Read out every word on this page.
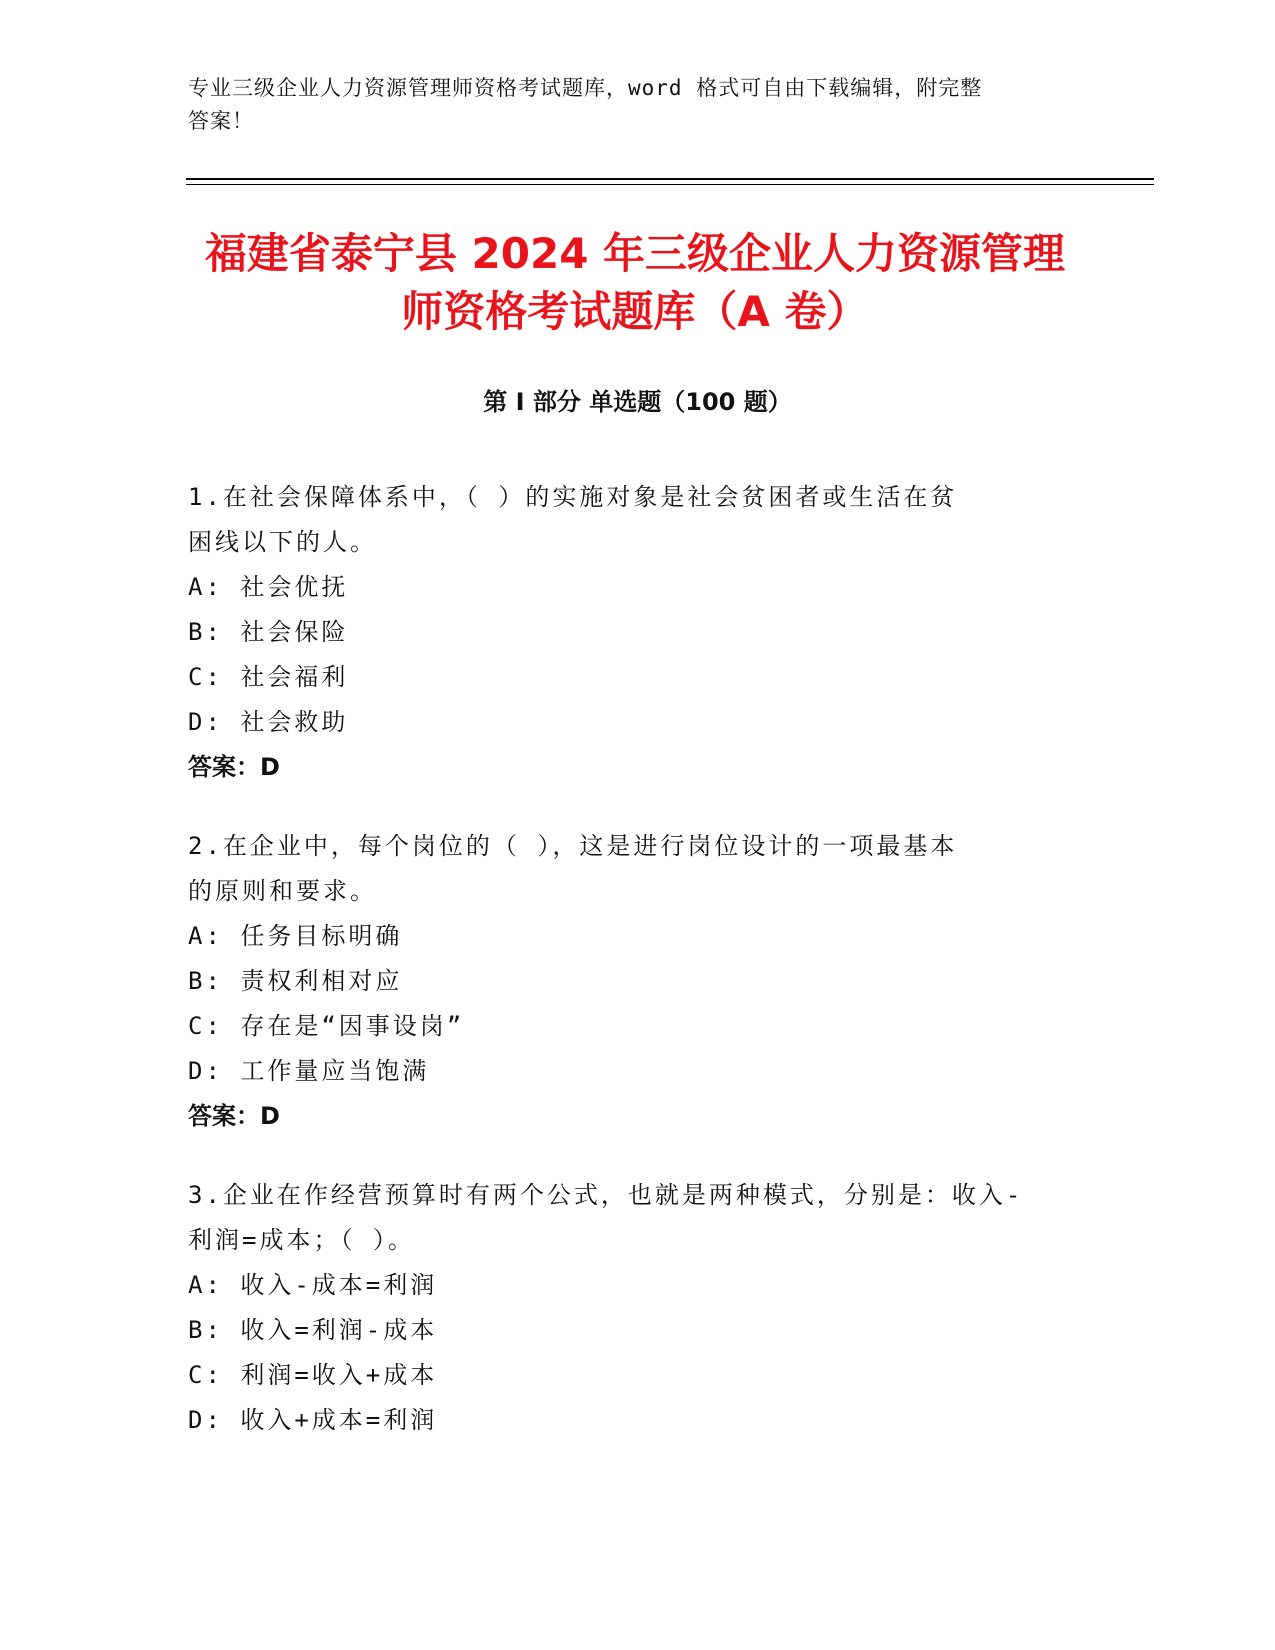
专业三级企业人力资源管理师资格考试题库，word 格式可自由下载编辑，附完整
答案！
福建省泰宁县 2024 年三级企业人力资源管理
师资格考试题库（A 卷）
第 I 部分 单选题（100 题）

1.在社会保障体系中，（ ）的实施对象是社会贫困者或生活在贫

困线以下的人。

A: 社会优抚

B: 社会保险

C: 社会福利

D: 社会救助

答案：D

2.在企业中，每个岗位的（ ），这是进行岗位设计的一项最基本

的原则和要求。

A: 任务目标明确

B: 责权利相对应

C: 存在是“因事设岗”

D: 工作量应当饱满

答案：D

3.企业在作经营预算时有两个公式，也就是两种模式，分别是：收入-

利润=成本；（ ）。

A: 收入-成本=利润

B: 收入=利润-成本

C: 利润=收入+成本

D: 收入+成本=利润
